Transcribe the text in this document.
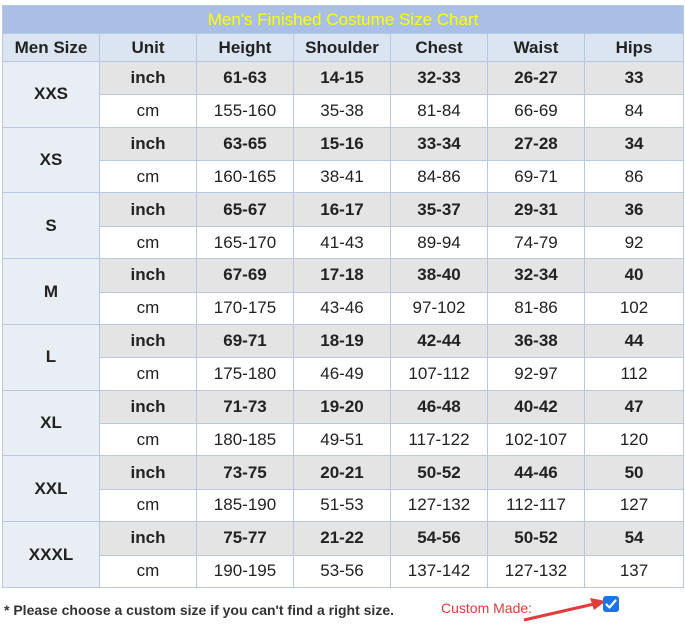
Men's Finished Costume Size Chart						
Men Size	Unit	Height	Shoulder	Chest	Waist	Hips
XXS	inch	61-63	14-15	32-33	26-27	33
	cm	155-160	35-38	81-84	66-69	84
XS	inch	63-65	15-16	33-34	27-28	34
	cm	160-165	38-41	84-86	69-71	86
S	inch	65-67	16-17	35-37	29-31	36
	cm	165-170	41-43	89-94	74-79	92
M	inch	67-69	17-18	38-40	32-34	40
	cm	170-175	43-46	97-102	81-86	102
L	inch	69-71	18-19	42-44	36-38	44
	cm	175-180	46-49	107-112	92-97	112
XL	inch	71-73	19-20	46-48	40-42	47
	cm	180-185	49-51	117-122	102-107	120
XXL	inch	73-75	20-21	50-52	44-46	50
	cm	185-190	51-53	127-132	112-117	127
XXXL	inch	75-77	21-22	54-56	50-52	54
	cm	190-195	53-56	137-142	127-132	137
* Please choose a custom size if you can't find a right size.	Custom Made:
